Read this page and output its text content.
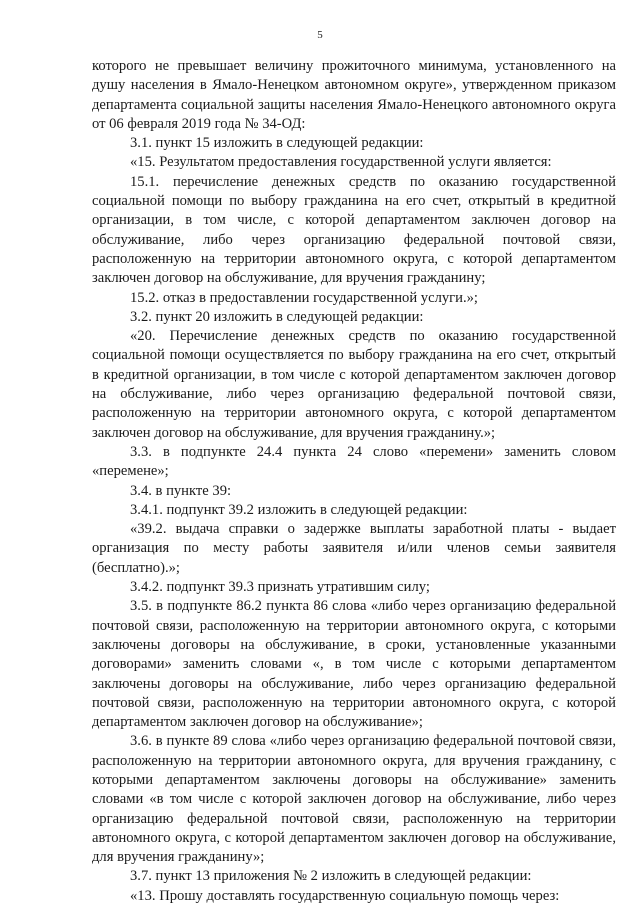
5

которого не превышает величину прожиточного минимума, установленного на душу населения в Ямало-Ненецком автономном округе», утвержденном приказом департамента социальной защиты населения Ямало-Ненецкого автономного округа от 06 февраля 2019 года № 34-ОД:

3.1. пункт 15 изложить в следующей редакции:

«15. Результатом предоставления государственной услуги является:

15.1. перечисление денежных средств по оказанию государственной социальной помощи по выбору гражданина на его счет, открытый в кредитной организации, в том числе, с которой департаментом заключен договор на обслуживание, либо через организацию федеральной почтовой связи, расположенную на территории автономного округа, с которой департаментом заключен договор на обслуживание, для вручения гражданину;

15.2. отказ в предоставлении государственной услуги.»;

3.2. пункт 20 изложить в следующей редакции:

«20. Перечисление денежных средств по оказанию государственной социальной помощи осуществляется по выбору гражданина на его счет, открытый в кредитной организации, в том числе с которой департаментом заключен договор на обслуживание, либо через организацию федеральной почтовой связи, расположенную на территории автономного округа, с которой департаментом заключен договор на обслуживание, для вручения гражданину.»;

3.3. в подпункте 24.4 пункта 24 слово «перемени» заменить словом «перемене»;

3.4. в пункте 39:

3.4.1. подпункт 39.2 изложить в следующей редакции:

«39.2. выдача справки о задержке выплаты заработной платы - выдает организация по месту работы заявителя и/или членов семьи заявителя (бесплатно).»;

3.4.2. подпункт 39.3 признать утратившим силу;

3.5. в подпункте 86.2 пункта 86 слова «либо через организацию федеральной почтовой связи, расположенную на территории автономного округа, с которыми заключены договоры на обслуживание, в сроки, установленные указанными договорами» заменить словами «, в том числе с которыми департаментом заключены договоры на обслуживание, либо через организацию федеральной почтовой связи, расположенную на территории автономного округа, с которой департаментом заключен договор на обслуживание»;

3.6. в пункте 89 слова «либо через организацию федеральной почтовой связи, расположенную на территории автономного округа, для вручения гражданину, с которыми департаментом заключены договоры на обслуживание» заменить словами «в том числе с которой заключен договор на обслуживание, либо через организацию федеральной почтовой связи, расположенную на территории автономного округа, с которой департаментом заключен договор на обслуживание, для вручения гражданину»;

3.7. пункт 13 приложения № 2 изложить в следующей редакции:

«13. Прошу доставлять государственную социальную помощь через:
